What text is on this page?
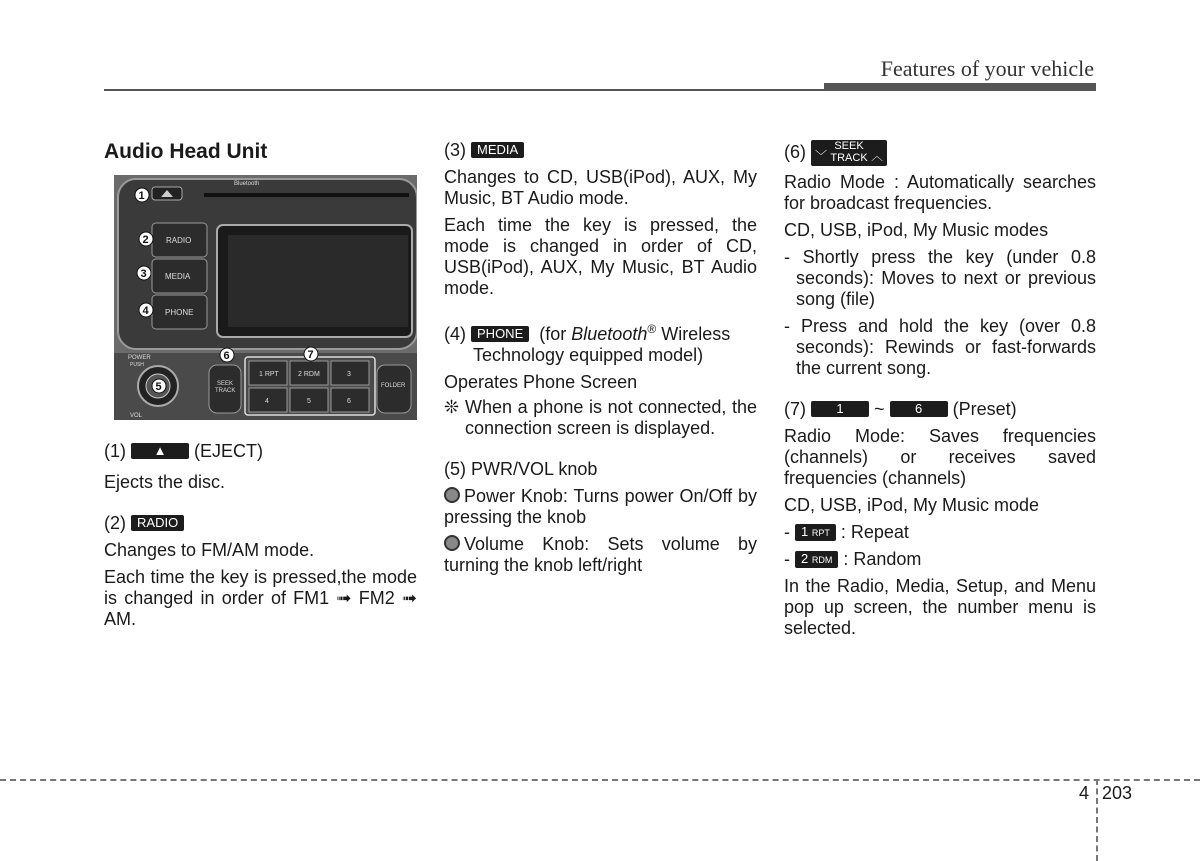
Features of your vehicle
Audio Head Unit

(1) ▲ (EJECT)

Ejects the disc.

(2) RADIO

Changes to FM/AM mode.

Each time the key is pressed,the mode is changed in order of FM1 ➟ FM2 ➟ AM.

Bluetooth
RADIO
MEDIA
PHONE
POWER
PUSH
VOL
SEEK
TRACK
1 RPT	2 RDM	3
4	5	6
FOLDER
1
2
3
4
5
6	7

(3) MEDIA

Changes to CD, USB(iPod), AUX, My Music, BT Audio mode.

Each time the key is pressed, the mode is changed in order of CD, USB(iPod), AUX, My Music, BT Audio mode.

(4) PHONE (for Bluetooth® Wireless

Technology equipped model)

Operates Phone Screen

❊ When a phone is not connected, the connection screen is displayed.

(5) PWR/VOL knob

Power Knob: Turns power On/Off by pressing the knob

Volume Knob: Sets volume by turning the knob left/right

(6) ﹀
SEEK
TRACK ︿

Radio Mode : Automatically searches for broadcast frequencies.

CD, USB, iPod, My Music modes

- Shortly press the key (under 0.8 seconds): Moves to next or previous song (file)

- Press and hold the key (over 0.8 seconds): Rewinds or fast-forwards the current song.

(7) 1 ~ 6 (Preset)

Radio Mode: Saves frequencies (channels) or receives saved frequencies (channels)

CD, USB, iPod, My Music mode

- 1 RPT : Repeat

- 2 RDM : Random

In the Radio, Media, Setup, and Menu pop up screen, the number menu is selected.

4 203
